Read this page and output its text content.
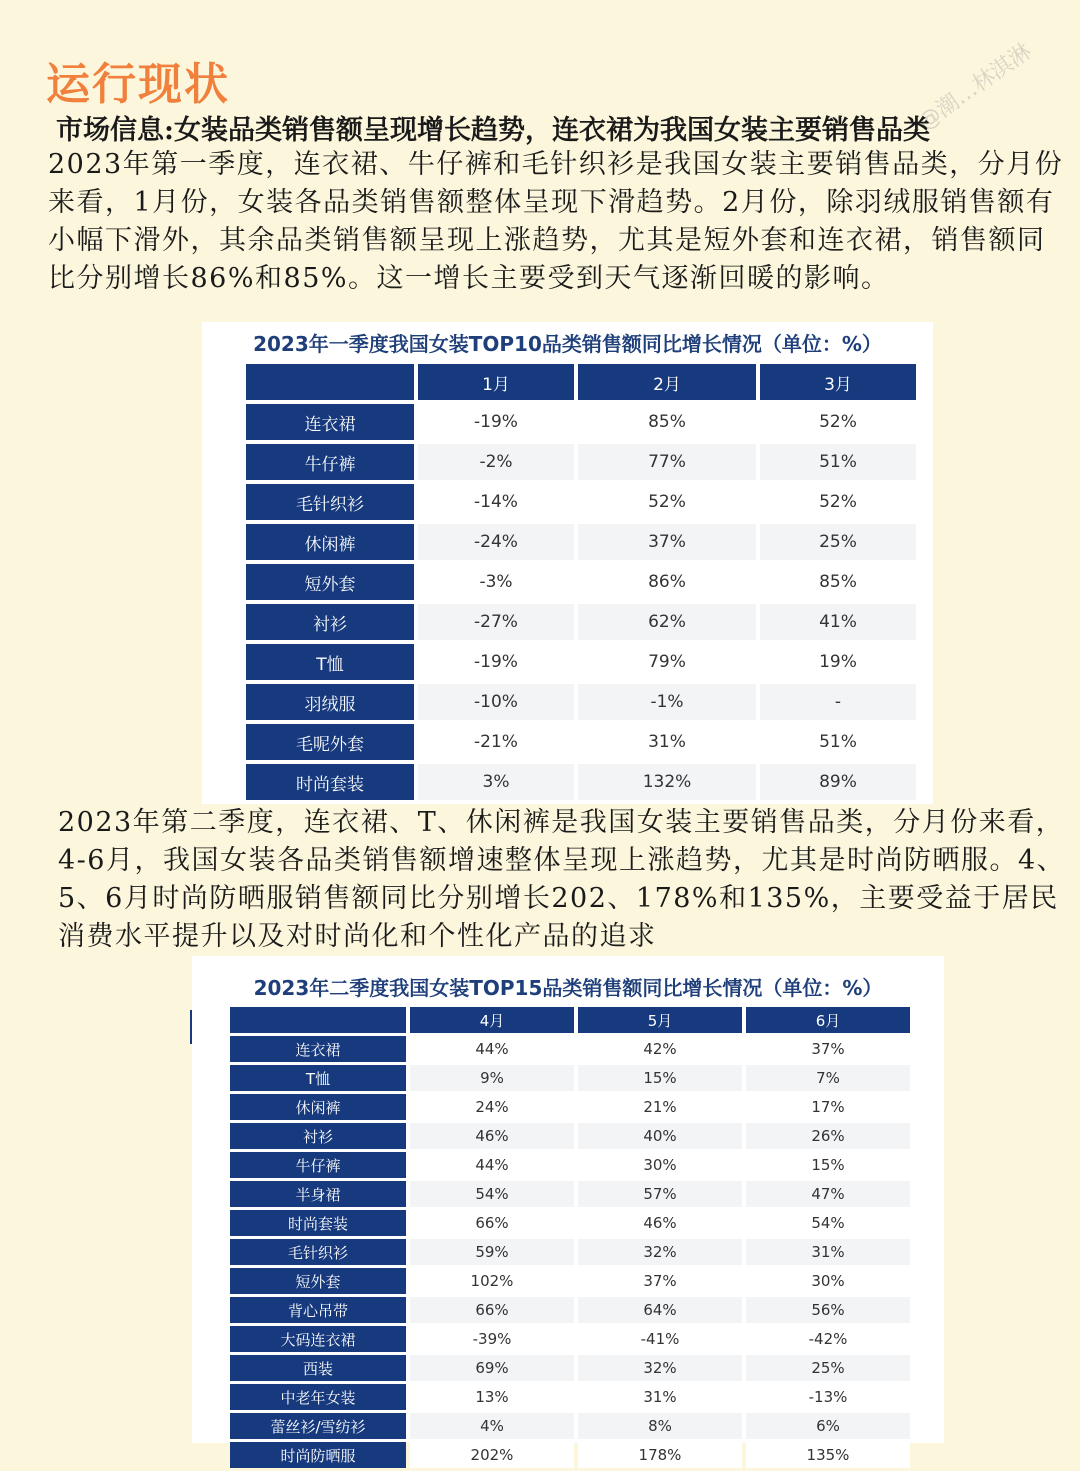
运行现状	@潮…林淇淋
市场信息:女装品类销售额呈现增长趋势，连衣裙为我国女装主要销售品类
2023年第一季度，连衣裙、牛仔裤和毛针织衫是我国女装主要销售品类，分月份来看，1月份，女装各品类销售额整体呈现下滑趋势。2月份，除羽绒服销售额有小幅下滑外，其余品类销售额呈现上涨趋势，尤其是短外套和连衣裙，销售额同比分别增长86%和85%。这一增长主要受到天气逐渐回暖的影响。
2023年一季度我国女装TOP10品类销售额同比增长情况（单位：%）
	1月	2月	3月
连衣裙	-19%	85%	52%
牛仔裤	-2%	77%	51%
毛针织衫	-14%	52%	52%
休闲裤	-24%	37%	25%
短外套	-3%	86%	85%
衬衫	-27%	62%	41%
T恤	-19%	79%	19%
羽绒服	-10%	-1%	-
毛呢外套	-21%	31%	51%
时尚套装	3%	132%	89%
2023年第二季度，连衣裙、T、休闲裤是我国女装主要销售品类，分月份来看，4-6月，我国女装各品类销售额增速整体呈现上涨趋势，尤其是时尚防晒服。4、5、6月时尚防晒服销售额同比分别增长202、178%和135%，主要受益于居民消费水平提升以及对时尚化和个性化产品的追求
2023年二季度我国女装TOP15品类销售额同比增长情况（单位：%）
	4月	5月	6月
连衣裙	44%	42%	37%
T恤	9%	15%	7%
休闲裤	24%	21%	17%
衬衫	46%	40%	26%
牛仔裤	44%	30%	15%
半身裙	54%	57%	47%
时尚套装	66%	46%	54%
毛针织衫	59%	32%	31%
短外套	102%	37%	30%
背心吊带	66%	64%	56%
大码连衣裙	-39%	-41%	-42%
西装	69%	32%	25%
中老年女装	13%	31%	-13%
蕾丝衫/雪纺衫	4%	8%	6%
时尚防晒服	202%	178%	135%
